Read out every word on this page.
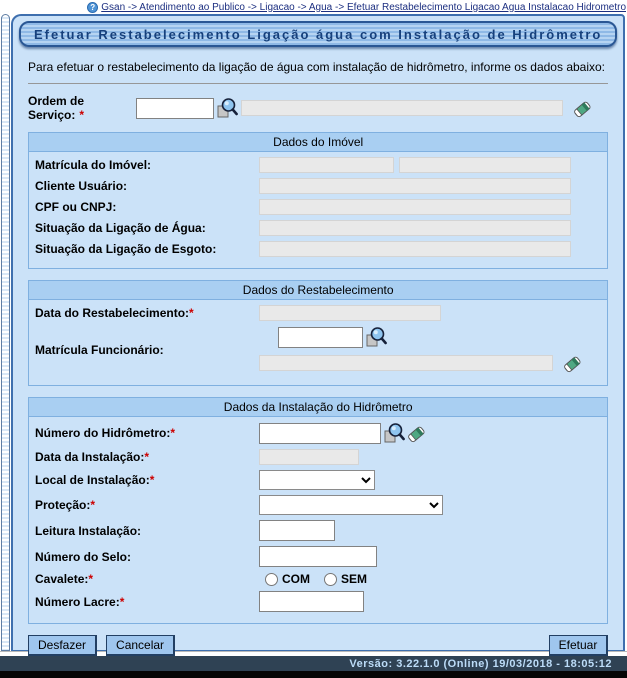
? Gsan -> Atendimento ao Publico -> Ligacao -> Agua -> Efetuar Restabelecimento Ligacao Agua Instalacao Hidrometro
Efetuar Restabelecimento Ligação água com Instalação de Hidrômetro
Para efetuar o restabelecimento da ligação de água com instalação de hidrômetro, informe os dados abaixo:
Ordem de Serviço: *
Dados do Imóvel
Matrícula do Imóvel:
Cliente Usuário:
CPF ou CNPJ:
Situação da Ligação de Água:
Situação da Ligação de Esgoto:
Dados do Restabelecimento
Data do Restabelecimento:*
Matrícula Funcionário:
Dados da Instalação do Hidrômetro
Número do Hidrômetro:*
Data da Instalação:*
Local de Instalação:*
Proteção:*
Leitura Instalação:
Número do Selo:
Cavalete:*	COM	SEM
Número Lacre:*
Desfazer	Cancelar	Efetuar
Versão: 3.22.1.0 (Online) 19/03/2018 - 18:05:12
